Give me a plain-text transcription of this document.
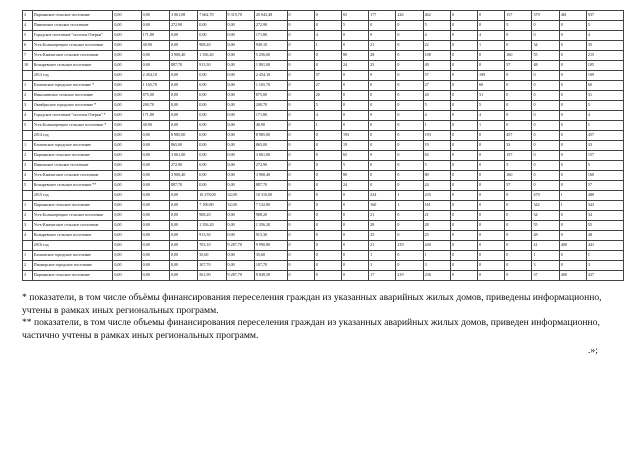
3	Парчинское сельское поселение	0,00	0,00	3 061,08	7 662,70	9 319,70	20 043,48	0	0	65	177	226	462	0	0	157	379	461	937
4	Пинежское сельское поселение	0,00	0,00	272,90	0,00	0,00	272,90	0	0	5	0	0	5	0	0	5	0	0	5
5	Городское поселение "поселок Озерки"	0,00	171,80	0,00	0,00	0,00	171,80	0	4	0	0	0	4	0	4	0	0	0	4
6	Усть-Большерецкое сельское поселение	0,00	40,90	0,00	908,20	0,00	949,10	0	1	0	21	0	22	0	1	0	34	0	35
7	Усть-Камчатское сельское поселение	0,00	0,00	3 900,40	1 356,20	0,00	5 256,60	0	0	80	28	0	108	0	0	160	55	0	215
10	Козыревское сельское поселение	0,00	0,00	887,70	913,30	0,00	1 801,00	0	0	24	25	0	49	0	0	57	48	0	105
	2013 год	0,00	2 454,10	0,00	0,00	0,00	2 454,10	0	57	0	0	0	57	0	109	0	0	0	109
1	Елизовское городское поселение *	0,00	1 165,70	0,00	0,00	0,00	1 165,70	0	27	0	0	0	27	0	60	0	0	0	60
2	Николаевское сельское поселение	0,00	875,00	0,00	0,00	0,00	875,00	0	20	0	0	0	20	0	31	0	0	0	31
3	Октябрьское городское поселение *	0,00	200,70	0,00	0,00	0,00	200,70	0	5	0	0	0	5	0	5	0	0	0	5
4	Городское поселение "поселок Озерки" *	0,00	171,80	0,00	0,00	0,00	171,80	0	4	0	0	0	4	0	4	0	0	0	4
5	Усть-Большерецкое сельское поселение *	0,00	40,90	0,00	0,00	0,00	40,90	0	1	0	0	0	1	0	1	0	0	0	1
	2014 год	0,00	0,00	8 985,00	0,00	0,00	8 985,00	0	0	193	0	0	193	0	0	457	0	0	457
1	Елизовское городское поселение	0,00	0,00	865,00	0,00	0,00	865,00	0	0	19	0	0	19	0	0	33	0	0	33
2	Парчинское сельское поселение	0,00	0,00	3 061,00	0,00	0,00	3 061,00	0	0	65	0	0	65	0	0	157	0	0	157
3	Пинежское сельское поселение	0,00	0,00	272,90	0,00	0,00	272,90	0	0	5	0	0	5	0	0	5	0	0	5
4	Усть-Камчатское сельское поселение	0,00	0,00	3 900,40	0,00	0,00	3 900,40	0	0	80	0	0	80	0	0	160	0	0	160
5	Козыревское сельское поселение **	0,00	0,00	887,70	0,00	0,00	887,70	0	0	24	0	0	24	0	0	57	0	0	57
	2015 год	0,00	0,00	0,00	10 278,00	32,00	10 310,00	0	0	0	234	1	235	0	0	0	479	1	480
1	Парчинское сельское поселение	0,00	0,00	0,00	7 100,80	32,00	7 132,80	0	0	0	160	1	161	0	0	0	342	1	343
2	Усть-Большерецкое сельское поселение	0,00	0,00	0,00	908,20	0,00	908,20	0	0	0	21	0	21	0	0	0	34	0	34
3	Усть-Камчатское сельское поселение	0,00	0,00	0,00	1 356,20	0,00	1 356,20	0	0	0	28	0	28	0	0	0	55	0	55
4	Козыревское сельское поселение	0,00	0,00	0,00	913,30	0,00	913,30	0	0	0	25	0	25	0	0	0	48	0	48
	2016 год	0,00	0,00	0,00	703,10	9 287,70	9 990,80	0	0	0	21	219	240	0	0	0	41	400	441
1	Елизовское городское поселение	0,00	0,00	0,00	35,60	0,00	35,60	0	0	0	1	0	1	0	0	0	1	0	1
2	Пионерское городское поселение	0,00	0,00	0,00	107,70	0,00	107,70	0	0	0	3	0	3	0	0	0	3	0	3
3	Парчинское сельское поселение	0,00	0,00	0,00	561,90	9 287,70	9 849,50	0	0	0	17	219	236	0	0	0	37	400	437

* показатели, в том числе объёмы финансирования переселения граждан из указанных аварийных жилых домов, приведены информационно, учтены в рамках иных региональных программ.

** показатели, в том числе объемы финансирования переселения граждан из указанных аварийных жилых домов, приведен информационно, частично учтены в рамках иных региональных программ.

.»;
